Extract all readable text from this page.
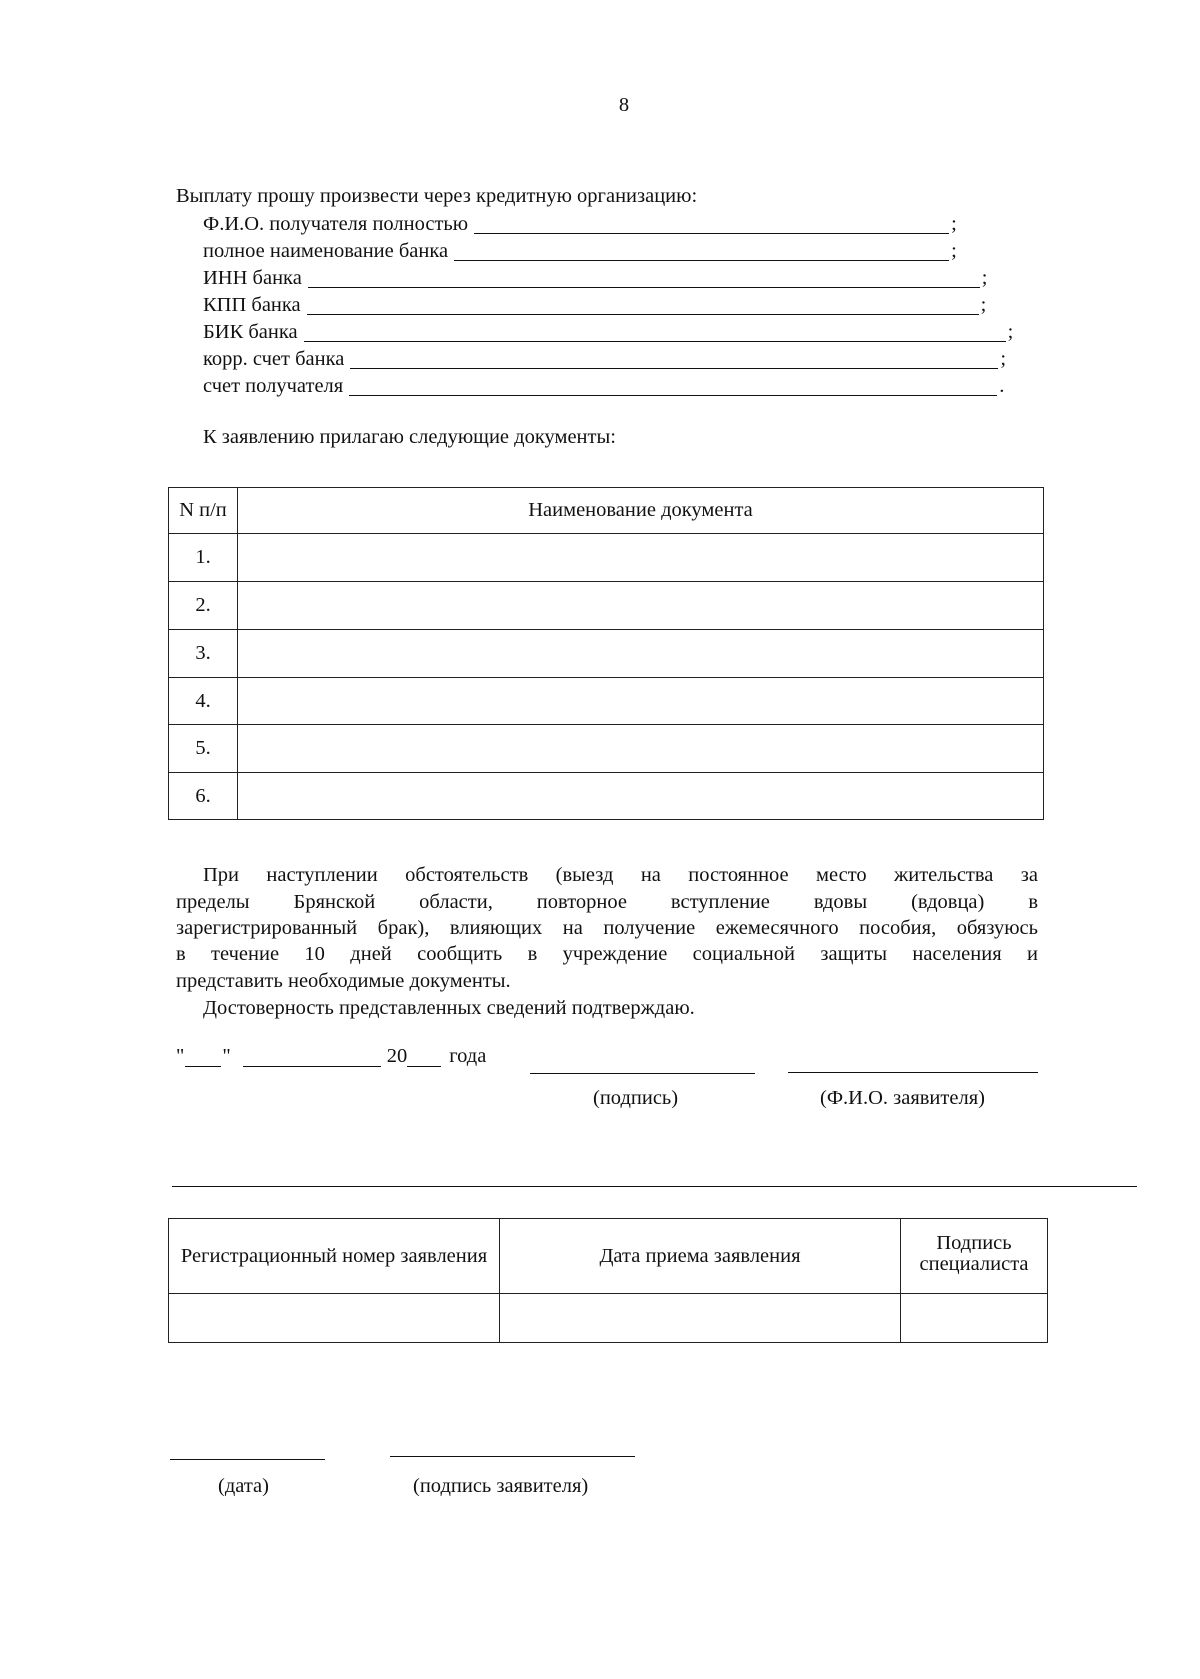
8
Выплату прошу произвести через кредитную организацию:
Ф.И.О. получателя полностью	;
полное наименование банка	;
ИНН банка	;
КПП банка	;
БИК банка	;
корр. счет банка	;
счет получателя	.
К заявлению прилагаю следующие документы:
N п/п	Наименование документа
1.	
2.	
3.	
4.	
5.	
6.	
При наступлении обстоятельств (выезд на постоянное место жительства за
пределы Брянской области, повторное вступление вдовы (вдовца) в
зарегистрированный брак), влияющих на получение ежемесячного пособия, обязуюсь
в течение 10 дней сообщить в учреждение социальной защиты населения и
представить необходимые документы.
Достоверность представленных сведений подтверждаю.
" "	20 года
(подпись)	(Ф.И.О. заявителя)
Регистрационный номер заявления	Дата приема заявления	Подпись специалиста

(дата)	(подпись заявителя)
